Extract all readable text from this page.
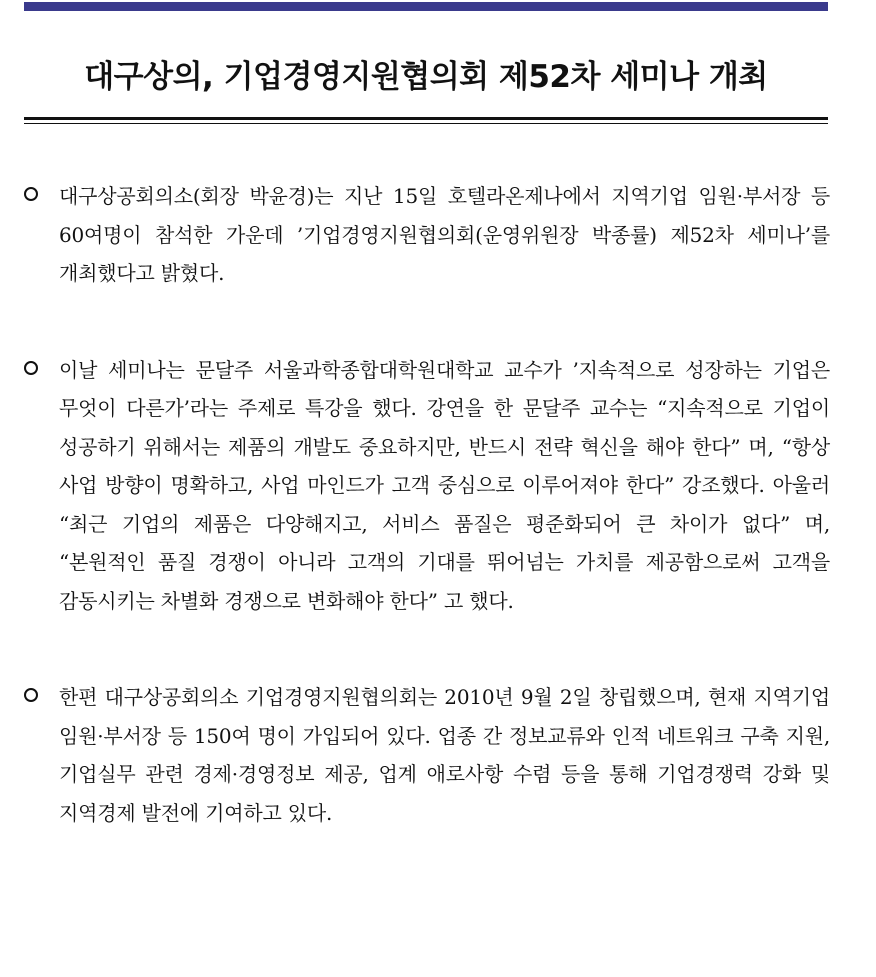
대구상의, 기업경영지원협의회 제52차 세미나 개최

대구상공회의소(회장 박윤경)는 지난 15일 호텔라온제나에서 지역기업 임원·부서장 등 60여명이 참석한 가운데 ’기업경영지원협의회(운영위원장 박종률) 제52차 세미나’를 개최했다고 밝혔다.

이날 세미나는 문달주 서울과학종합대학원대학교 교수가 ’지속적으로 성장하는 기업은 무엇이 다른가’라는 주제로 특강을 했다. 강연을 한 문달주 교수는 “지속적으로 기업이 성공하기 위해서는 제품의 개발도 중요하지만, 반드시 전략 혁신을 해야 한다” 며, “항상 사업 방향이 명확하고, 사업 마인드가 고객 중심으로 이루어져야 한다” 강조했다. 아울러 “최근 기업의 제품은 다양해지고, 서비스 품질은 평준화되어 큰 차이가 없다” 며, “본원적인 품질 경쟁이 아니라 고객의 기대를 뛰어넘는 가치를 제공함으로써 고객을 감동시키는 차별화 경쟁으로 변화해야 한다” 고 했다.

한편 대구상공회의소 기업경영지원협의회는 2010년 9월 2일 창립했으며, 현재 지역기업 임원·부서장 등 150여 명이 가입되어 있다. 업종 간 정보교류와 인적 네트워크 구축 지원, 기업실무 관련 경제·경영정보 제공, 업계 애로사항 수렴 등을 통해 기업경쟁력 강화 및 지역경제 발전에 기여하고 있다.
